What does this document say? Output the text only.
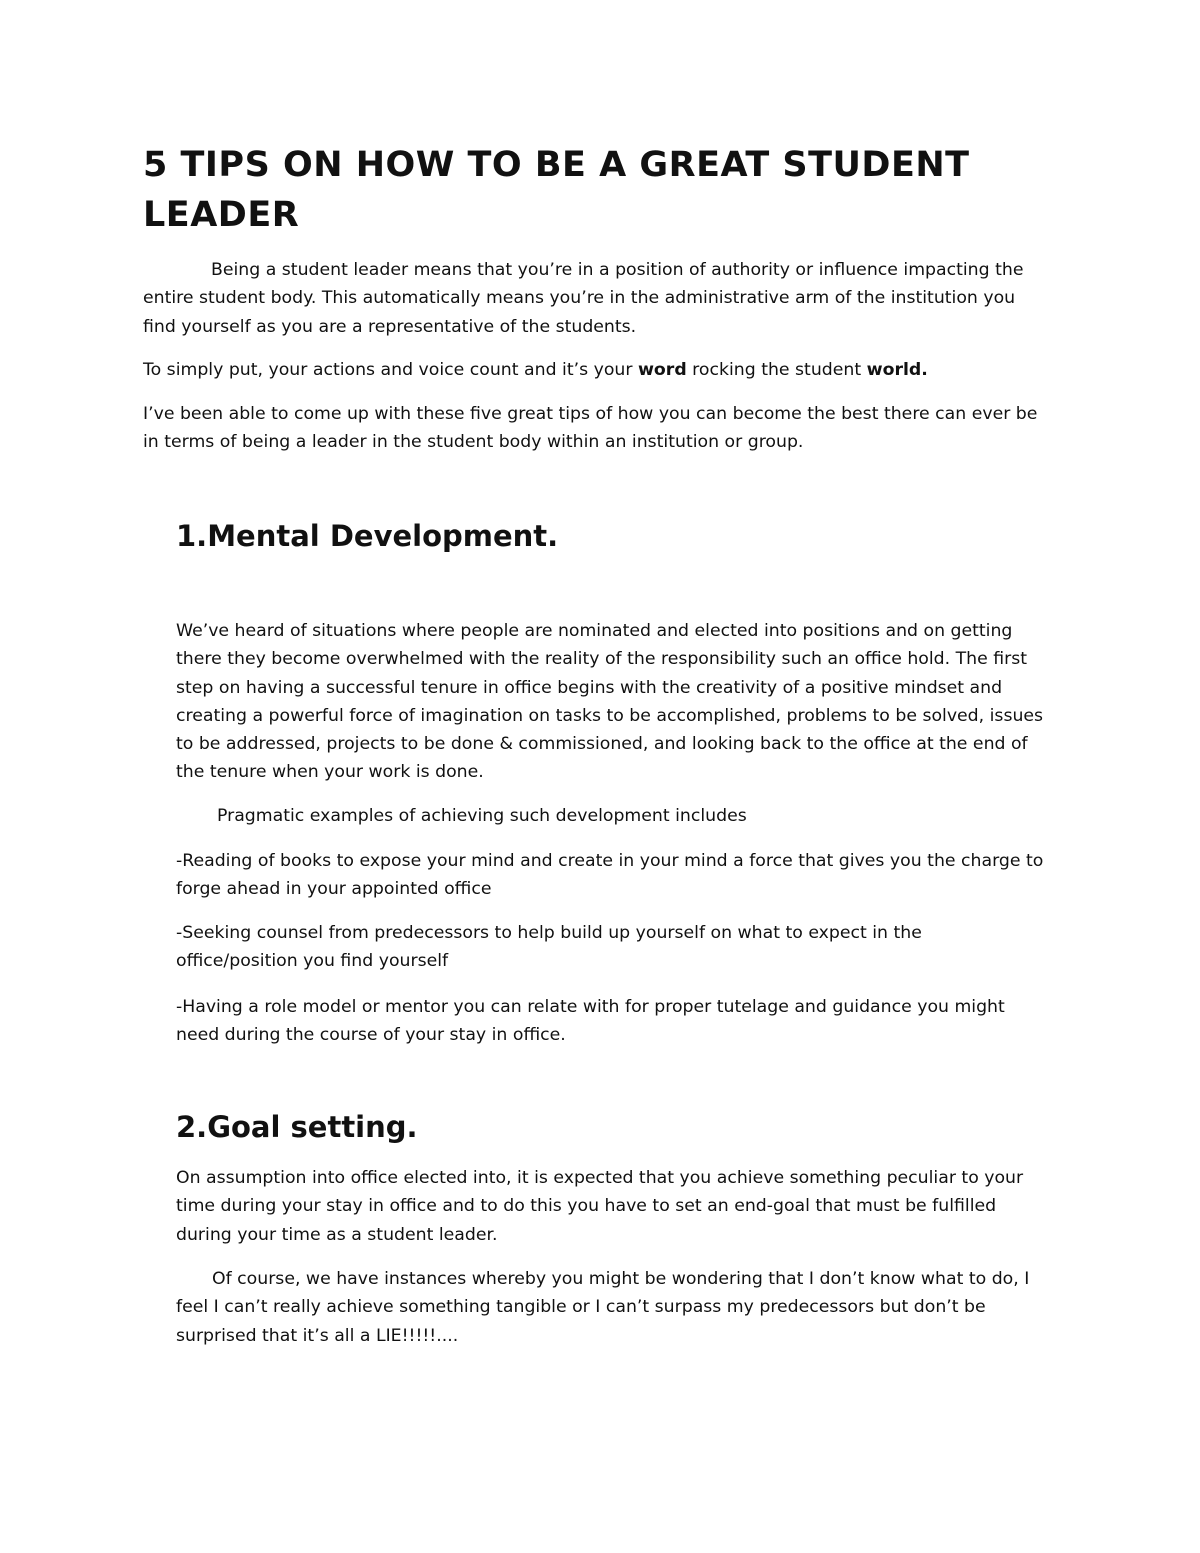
5 TIPS ON HOW TO BE A GREAT STUDENT LEADER
Being a student leader means that you’re in a position of authority or influence impacting the
entire student body. This automatically means you’re in the administrative arm of the institution you
find yourself as you are a representative of the students.
To simply put, your actions and voice count and it’s your word rocking the student world.
I’ve been able to come up with these five great tips of how you can become the best there can ever be
in terms of being a leader in the student body within an institution or group.
1.Mental Development.
We’ve heard of situations where people are nominated and elected into positions and on getting
there they become overwhelmed with the reality of the responsibility such an office hold. The first
step on having a successful tenure in office begins with the creativity of a positive mindset and
creating a powerful force of imagination on tasks to be accomplished, problems to be solved, issues
to be addressed, projects to be done & commissioned, and looking back to the office at the end of
the tenure when your work is done.
Pragmatic examples of achieving such development includes
-Reading of books to expose your mind and create in your mind a force that gives you the charge to
forge ahead in your appointed office
-Seeking counsel from predecessors to help build up yourself on what to expect in the
office/position you find yourself
-Having a role model or mentor you can relate with for proper tutelage and guidance you might
need during the course of your stay in office.
2.Goal setting.
On assumption into office elected into, it is expected that you achieve something peculiar to your
time during your stay in office and to do this you have to set an end-goal that must be fulfilled
during your time as a student leader.
Of course, we have instances whereby you might be wondering that I don’t know what to do, I
feel I can’t really achieve something tangible or I can’t surpass my predecessors but don’t be
surprised that it’s all a LIE!!!!!....
